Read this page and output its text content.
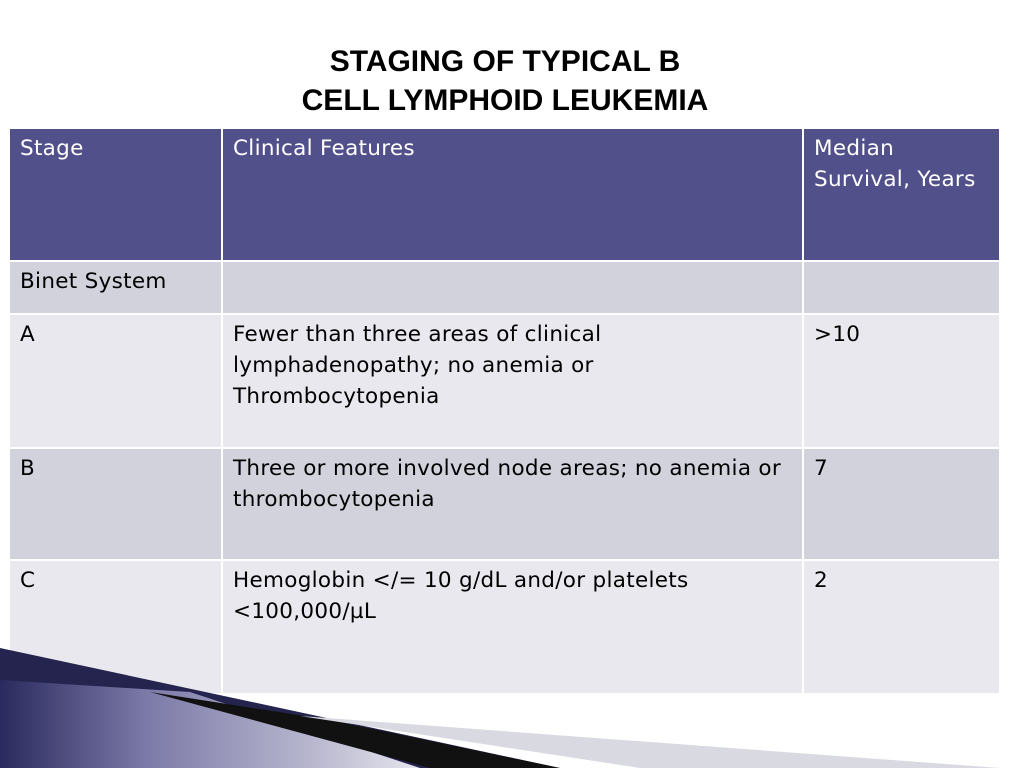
STAGING OF TYPICAL B
CELL LYMPHOID LEUKEMIA
Stage	Clinical Features	Median Survival, Years
Binet System		
A	Fewer than three areas of clinical lymphadenopathy; no anemia or Thrombocytopenia	>10
B	Three or more involved node areas; no anemia or thrombocytopenia	7
C	Hemoglobin </= 10 g/dL and/or platelets <100,000/µL	2
